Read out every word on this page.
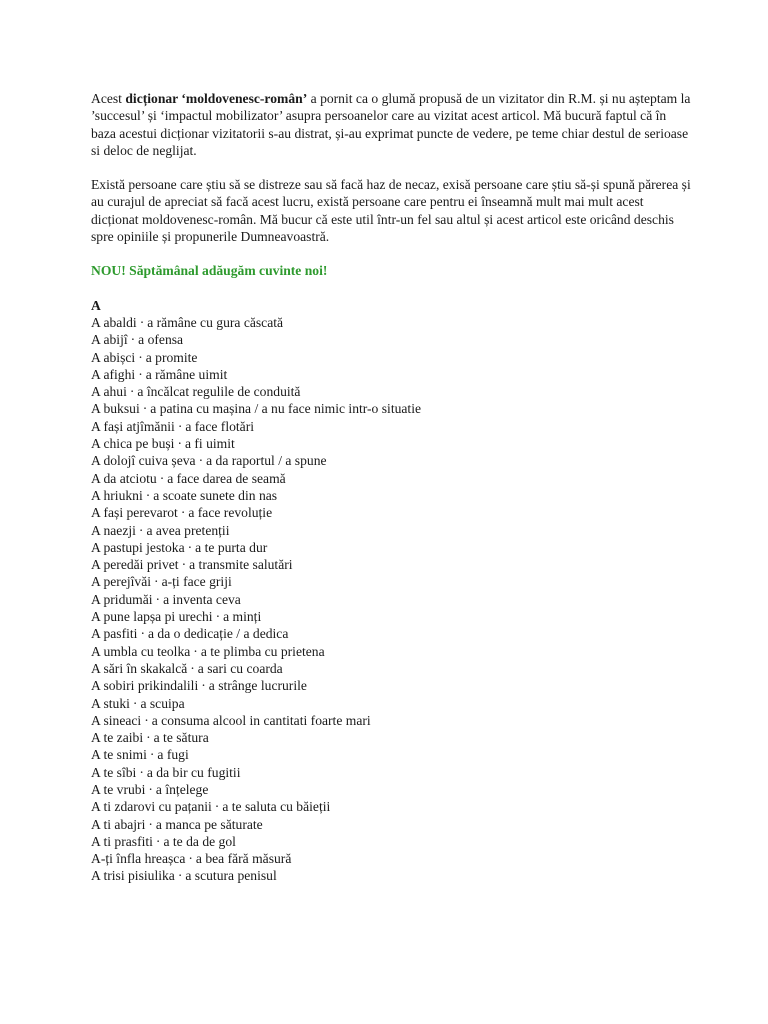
Acest dicționar ‘moldovenesc-român’ a pornit ca o glumă propusă de un vizitator din R.M. și nu așteptam la ’succesul’ și ‘impactul mobilizator’ asupra persoanelor care au vizitat acest articol. Mă bucură faptul că în baza acestui dicționar vizitatorii s-au distrat, și-au exprimat puncte de vedere, pe teme chiar destul de serioase si deloc de neglijat.

Există persoane care știu să se distreze sau să facă haz de necaz, exisă persoane care știu să-și spună părerea și au curajul de apreciat să facă acest lucru, există persoane care pentru ei înseamnă mult mai mult acest dicționat moldovenesc-român. Mă bucur că este util într-un fel sau altul și acest articol este oricând deschis spre opiniile și propunerile Dumneavoastră.

NOU! Săptămânal adăugăm cuvinte noi!
A
A abaldi · a rămâne cu gura căscată
A abijî · a ofensa
A abișci · a promite
A afighi · a rămâne uimit
A ahui · a încălcat regulile de conduită
A buksui · a patina cu mașina / a nu face nimic intr-o situatie
A fași atjîmănii · a face flotări
A chica pe buși · a fi uimit
A dolojî cuiva șeva · a da raportul / a spune
A da atciotu · a face darea de seamă
A hriukni · a scoate sunete din nas
A fași perevarot · a face revoluție
A naezji · a avea pretenții
A pastupi jestoka · a te purta dur
A peredăi privet · a transmite salutări
A perejîvăi · a-ți face griji
A pridumăi · a inventa ceva
A pune lapșa pi urechi · a minți
A pasfiti · a da o dedicație / a dedica
A umbla cu teolka · a te plimba cu prietena
A sări în skakalcă · a sari cu coarda
A sobiri prikindalili · a strânge lucrurile
A stuki · a scuipa
A sineaci · a consuma alcool in cantitati foarte mari
A te zaibi · a te sătura
A te snimi · a fugi
A te sîbi · a da bir cu fugitii
A te vrubi · a înțelege
A ti zdarovi cu pațanii · a te saluta cu băieții
A ti abajri · a manca pe săturate
A ti prasfiti · a te da de gol
A-ți înfla hreașca · a bea fără măsură
A trisi pisiulika · a scutura penisul
